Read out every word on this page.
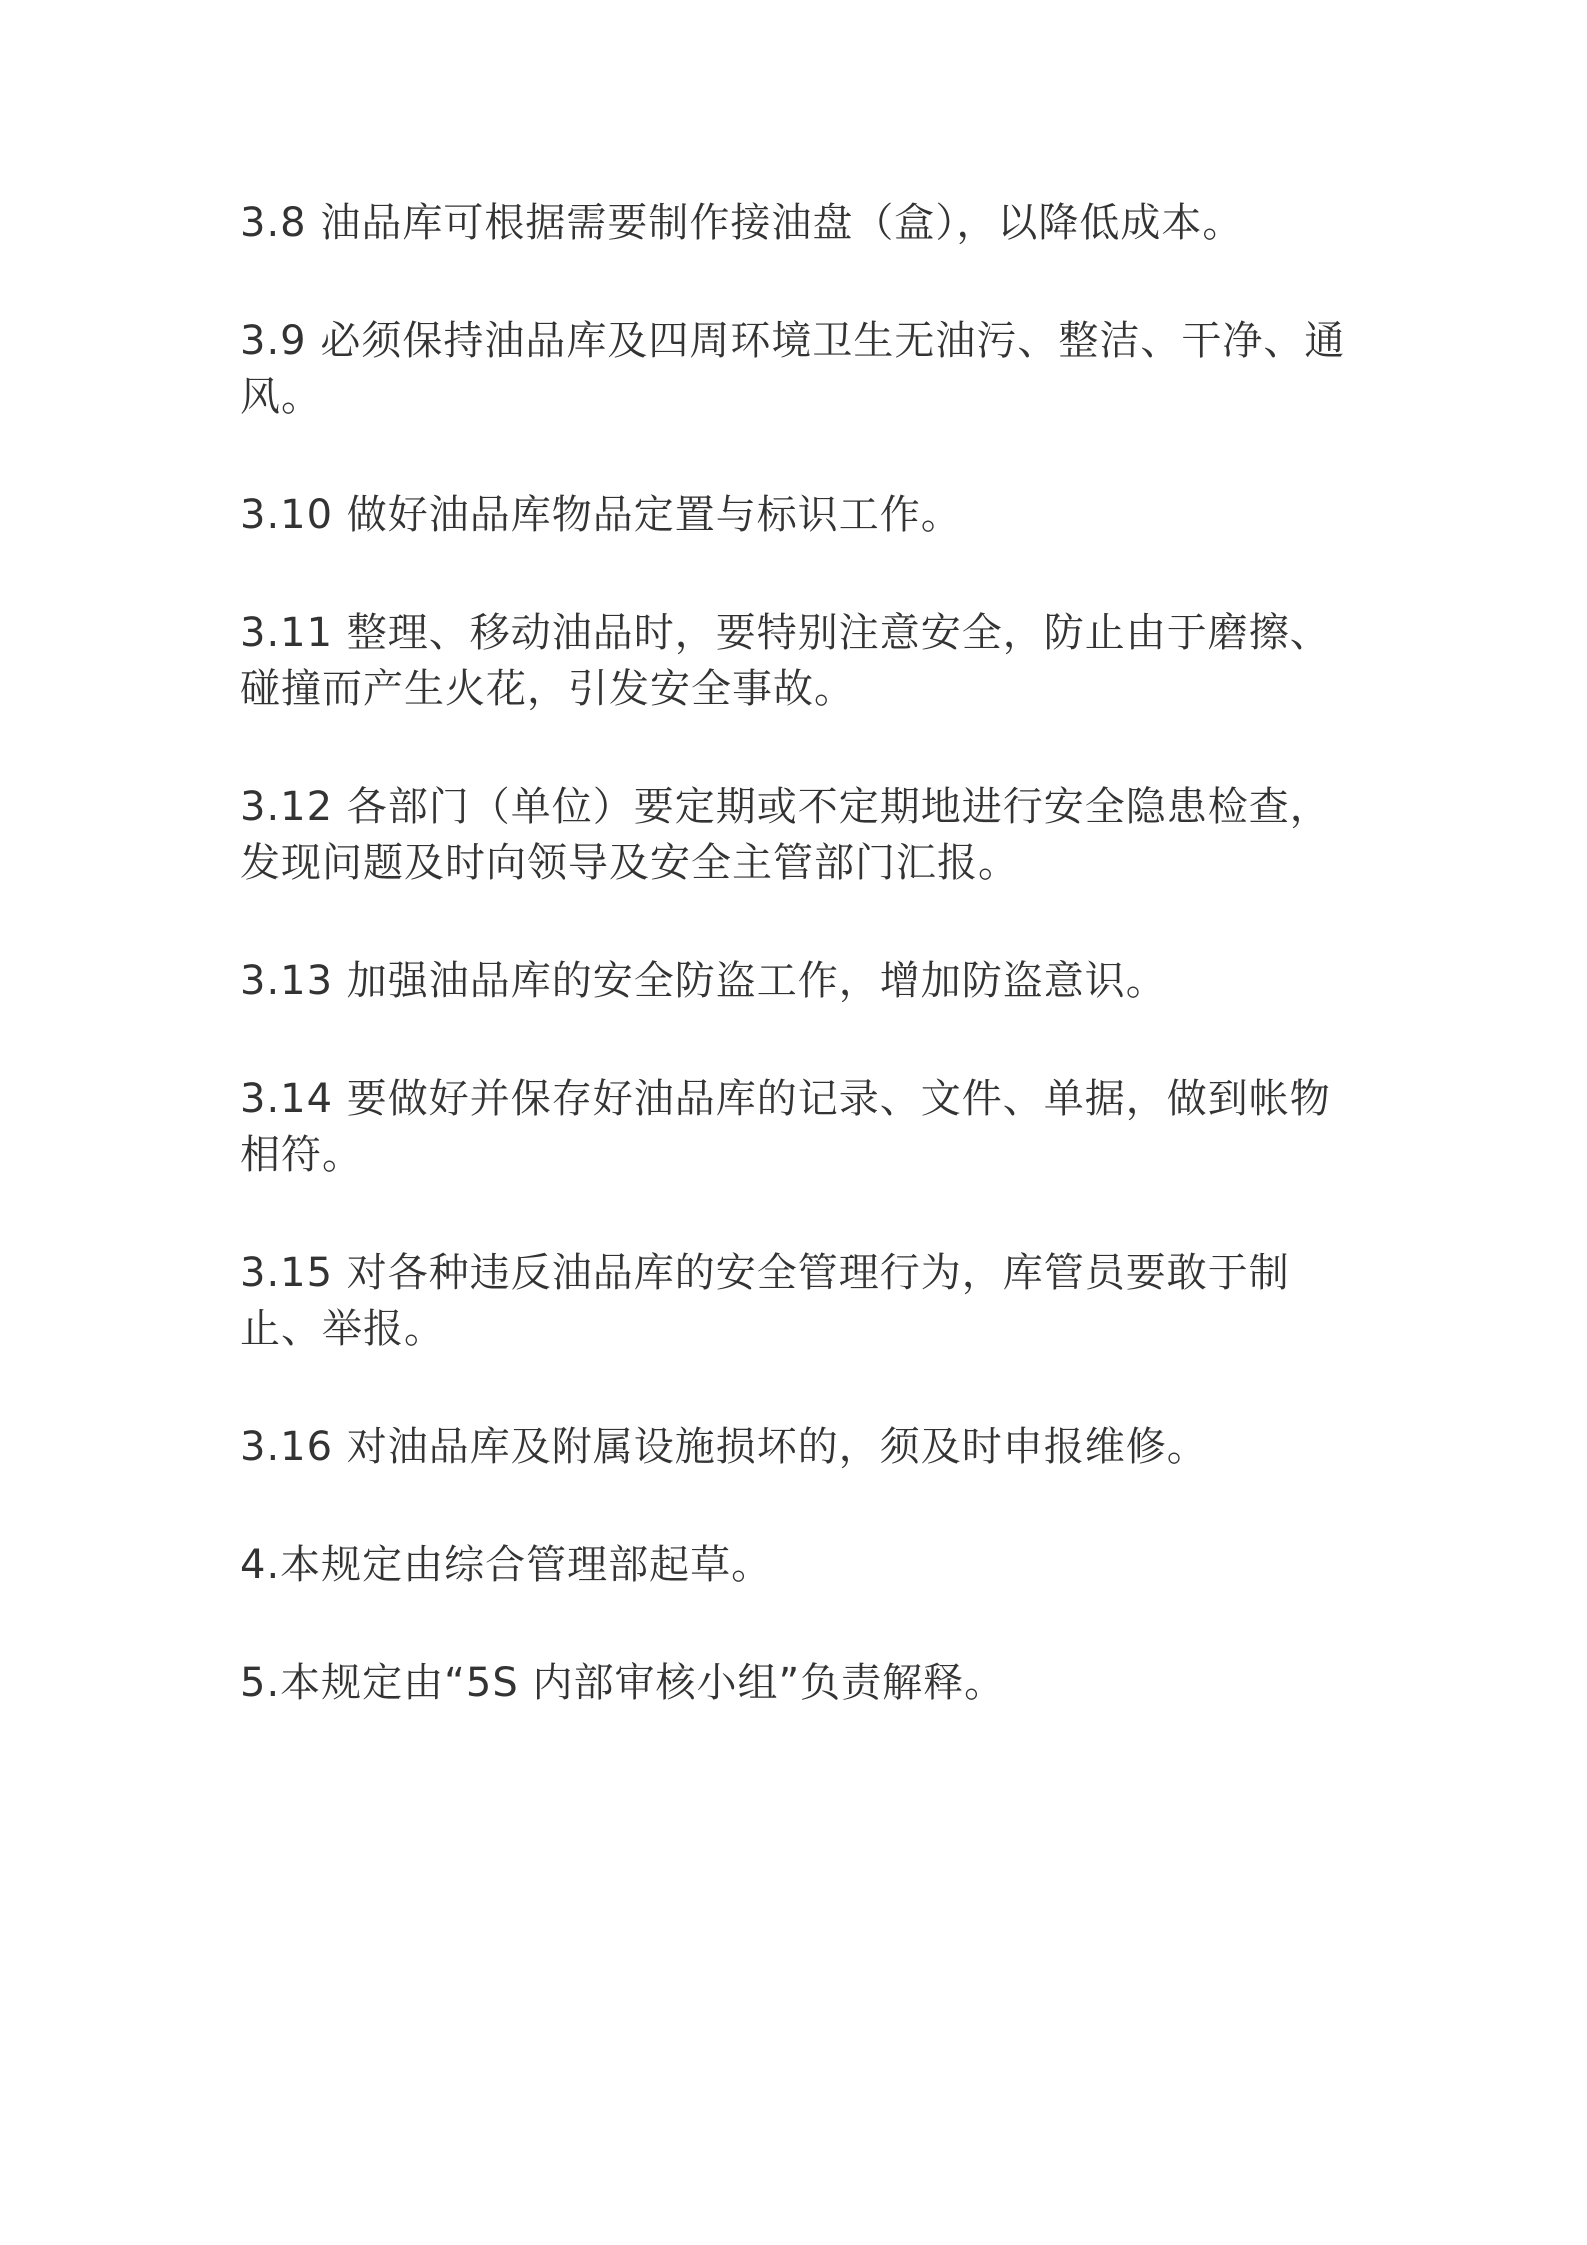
3.8 油品库可根据需要制作接油盘（盒），以降低成本。

3.9 必须保持油品库及四周环境卫生无油污、整洁、干净、通风。

3.10 做好油品库物品定置与标识工作。

3.11 整理、移动油品时，要特别注意安全，防止由于磨擦、碰撞而产生火花，引发安全事故。

3.12 各部门（单位）要定期或不定期地进行安全隐患检查，发现问题及时向领导及安全主管部门汇报。

3.13 加强油品库的安全防盗工作，增加防盗意识。

3.14 要做好并保存好油品库的记录、文件、单据，做到帐物相符。

3.15 对各种违反油品库的安全管理行为，库管员要敢于制止、举报。

3.16 对油品库及附属设施损坏的，须及时申报维修。

4.本规定由综合管理部起草。

5.本规定由“5S 内部审核小组”负责解释。
